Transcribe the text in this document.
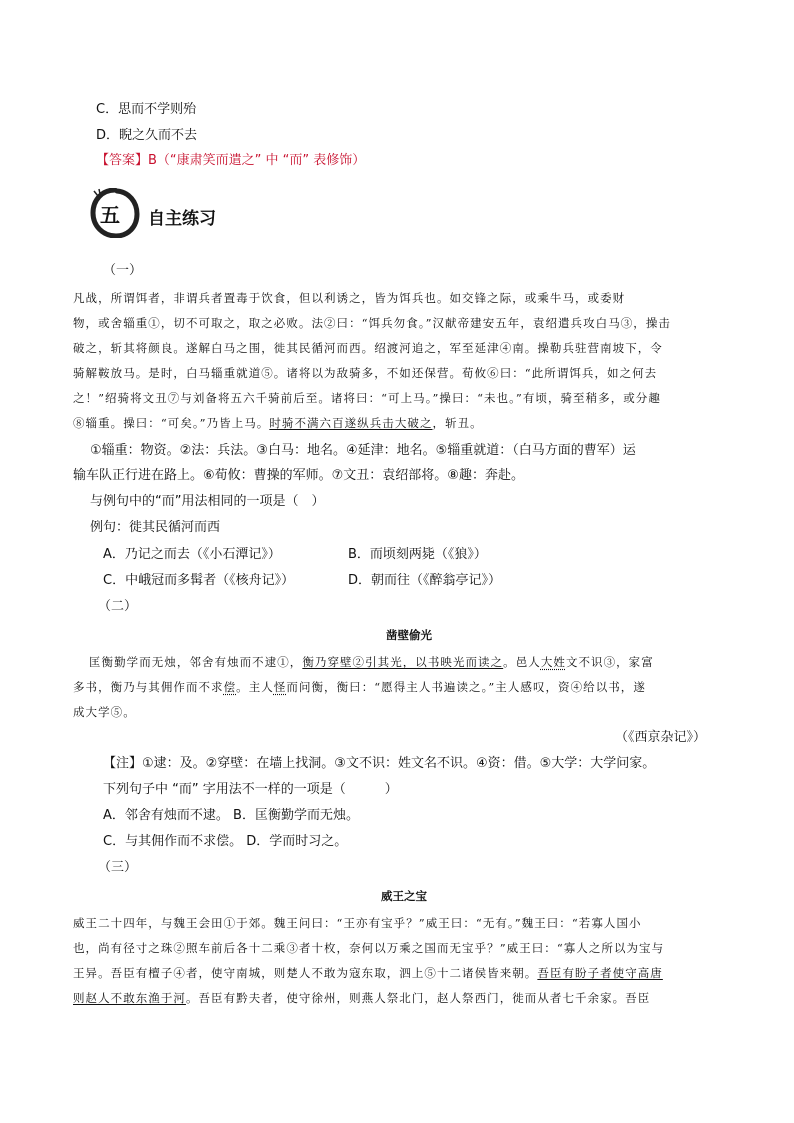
C．思而不学则殆
D．睨之久而不去
【答案】B（“康肃笑而遣之” 中 “而” 表修饰）
五 自主练习
（一）
凡战，所谓饵者，非谓兵者置毒于饮食，但以利诱之，皆为饵兵也。如交锋之际，或乘牛马，或委财
物，或舍辎重①，切不可取之，取之必败。法②曰：“饵兵勿食。”汉献帝建安五年，袁绍遣兵攻白马③，操击
破之，斩其将颜良。遂解白马之围，徙其民循河而西。绍渡河追之，军至延津④南。操勒兵驻营南坡下，令
骑解鞍放马。是时，白马辎重就道⑤。诸将以为敌骑多，不如还保营。荀攸⑥曰：“此所谓饵兵，如之何去
之！”绍骑将文丑⑦与刘备将五六千骑前后至。诸将曰：“可上马。”操曰：“未也。”有顷，骑至稍多，或分趣
⑧辎重。操曰：“可矣。”乃皆上马。时骑不满六百遂纵兵击大破之，斩丑。
①辎重：物资。②法：兵法。③白马：地名。④延津：地名。⑤辎重就道：（白马方面的曹军）运
输车队正行进在路上。⑥荀攸：曹操的军师。⑦文丑：袁绍部将。⑧趣：奔赴。
与例句中的“而”用法相同的一项是（　）
例句：徙其民循河而西
A．乃记之而去（《小石潭记》）	B．而顷刻两毙（《狼》）
C．中峨冠而多髯者（《核舟记》）	D．朝而往（《醉翁亭记》）
（二）
凿壁偷光
匡衡勤学而无烛，邻舍有烛而不逮①，衡乃穿壁②引其光，以书映光而读之。邑人大姓文不识③，家富
多书，衡乃与其佣作而不求偿。主人怪而问衡，衡曰：“愿得主人书遍读之。”主人感叹，资④给以书，遂
成大学⑤。
（《西京杂记》）
【注】①逮：及。②穿壁：在墙上找洞。③文不识：姓文名不识。④资：借。⑤大学：大学问家。
下列句子中 “而” 字用法不一样的一项是（　　　）
A．邻舍有烛而不逮。 B．匡衡勤学而无烛。
C．与其佣作而不求偿。 D．学而时习之。
（三）
威王之宝
威王二十四年，与魏王会田①于郊。魏王问曰：“王亦有宝乎？”威王曰：“无有。”魏王曰：“若寡人国小
也，尚有径寸之珠②照车前后各十二乘③者十枚，奈何以万乘之国而无宝乎？”威王曰：“寡人之所以为宝与
王异。吾臣有檀子④者，使守南城，则楚人不敢为寇东取，泗上⑤十二诸侯皆来朝。吾臣有盼子者使守高唐
则赵人不敢东渔于河。吾臣有黔夫者，使守徐州，则燕人祭北门，赵人祭西门，徙而从者七千余家。吾臣
